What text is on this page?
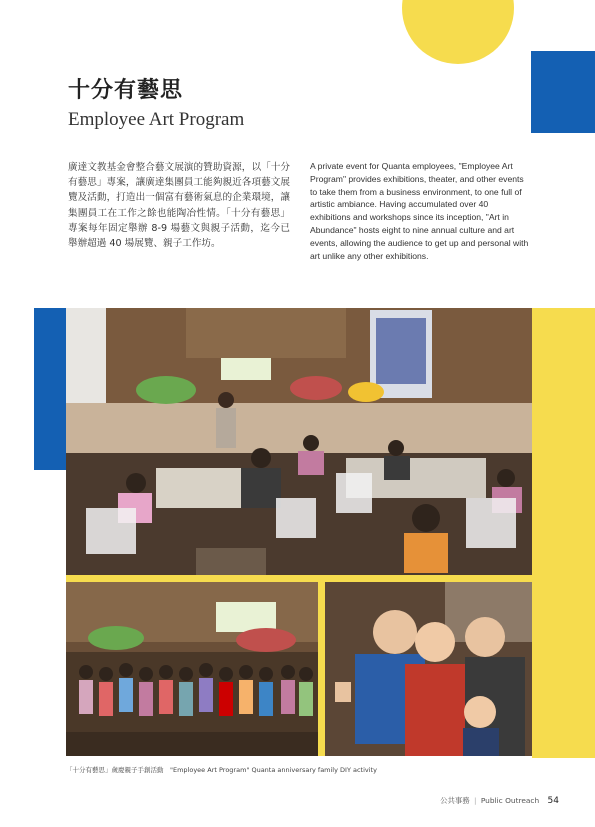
十分有藝思
Employee Art Program
廣達文教基金會整合藝文展演的贊助資源，以「十分有藝思」專案，讓廣達集團員工能夠親近各項藝文展覽及活動，打造出一個富有藝術氣息的企業環境，讓集團員工在工作之餘也能陶冶性情。「十分有藝思」專案每年固定舉辦 8-9 場藝文與親子活動，迄今已舉辦超過 40 場展覽、親子工作坊。
A private event for Quanta employees, "Employee Art Program" provides exhibitions, theater, and other events to take them from a business environment, to one full of artistic ambiance. Having accumulated over 40 exhibitions and workshops since its inception, "Art in Abundance" hosts eight to nine annual culture and art events, allowing the audience to get up and personal with art unlike any other exhibitions.
「十分有藝思」歲慶親子手創活動　"Employee Art Program" Quanta anniversary family DIY activity
公共事務 | Public Outreach 54
